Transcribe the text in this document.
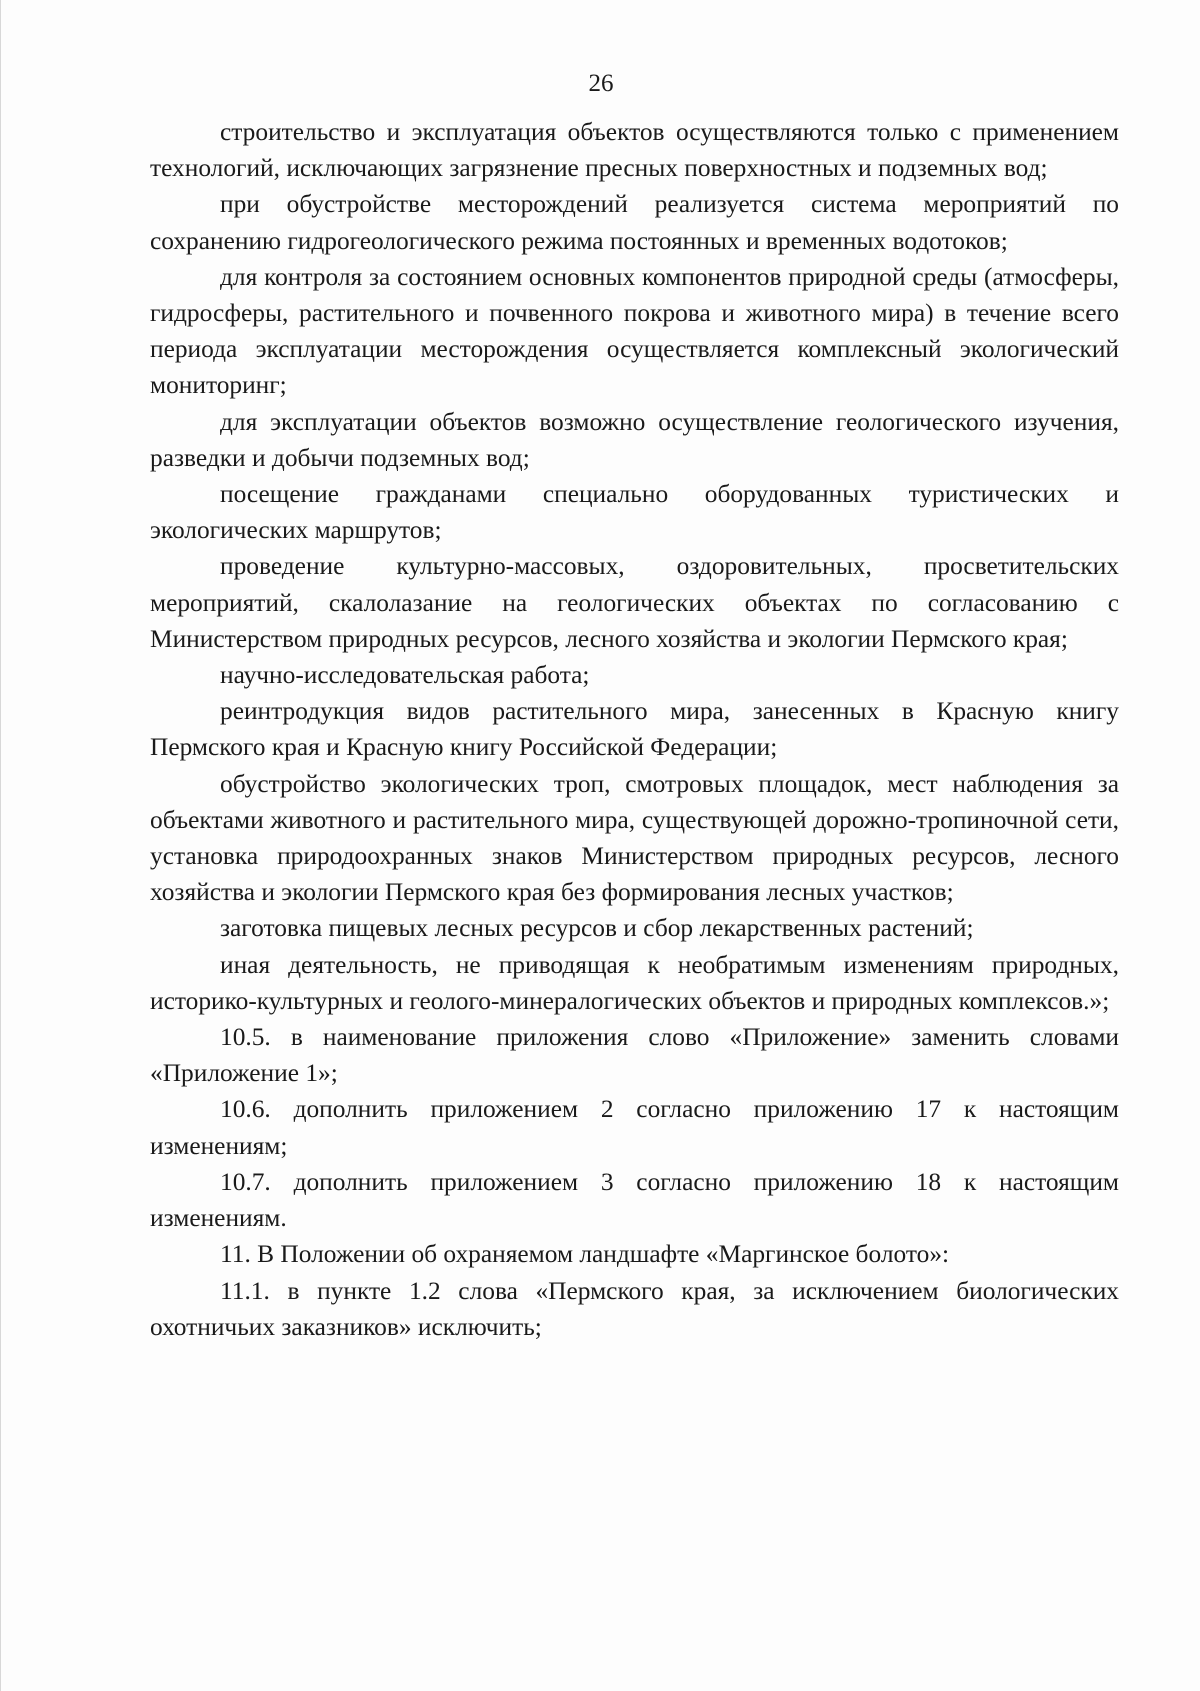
26

строительство и эксплуатация объектов осуществляются только с применением технологий, исключающих загрязнение пресных поверхностных и подземных вод;

при обустройстве месторождений реализуется система мероприятий по сохранению гидрогеологического режима постоянных и временных водотоков;

для контроля за состоянием основных компонентов природной среды (атмосферы, гидросферы, растительного и почвенного покрова и животного мира) в течение всего периода эксплуатации месторождения осуществляется комплексный экологический мониторинг;

для эксплуатации объектов возможно осуществление геологического изучения, разведки и добычи подземных вод;

посещение гражданами специально оборудованных туристических и экологических маршрутов;

проведение культурно-массовых, оздоровительных, просветительских мероприятий, скалолазание на геологических объектах по согласованию с Министерством природных ресурсов, лесного хозяйства и экологии Пермского края;

научно-исследовательская работа;

реинтродукция видов растительного мира, занесенных в Красную книгу Пермского края и Красную книгу Российской Федерации;

обустройство экологических троп, смотровых площадок, мест наблюдения за объектами животного и растительного мира, существующей дорожно-тропиночной сети, установка природоохранных знаков Министерством природных ресурсов, лесного хозяйства и экологии Пермского края без формирования лесных участков;

заготовка пищевых лесных ресурсов и сбор лекарственных растений;

иная деятельность, не приводящая к необратимым изменениям природных, историко-культурных и геолого-минералогических объектов и природных комплексов.»;

10.5. в наименование приложения слово «Приложение» заменить словами «Приложение 1»;

10.6. дополнить приложением 2 согласно приложению 17 к настоящим изменениям;

10.7. дополнить приложением 3 согласно приложению 18 к настоящим изменениям.

11. В Положении об охраняемом ландшафте «Маргинское болото»:

11.1. в пункте 1.2 слова «Пермского края, за исключением биологических охотничьих заказников» исключить;
